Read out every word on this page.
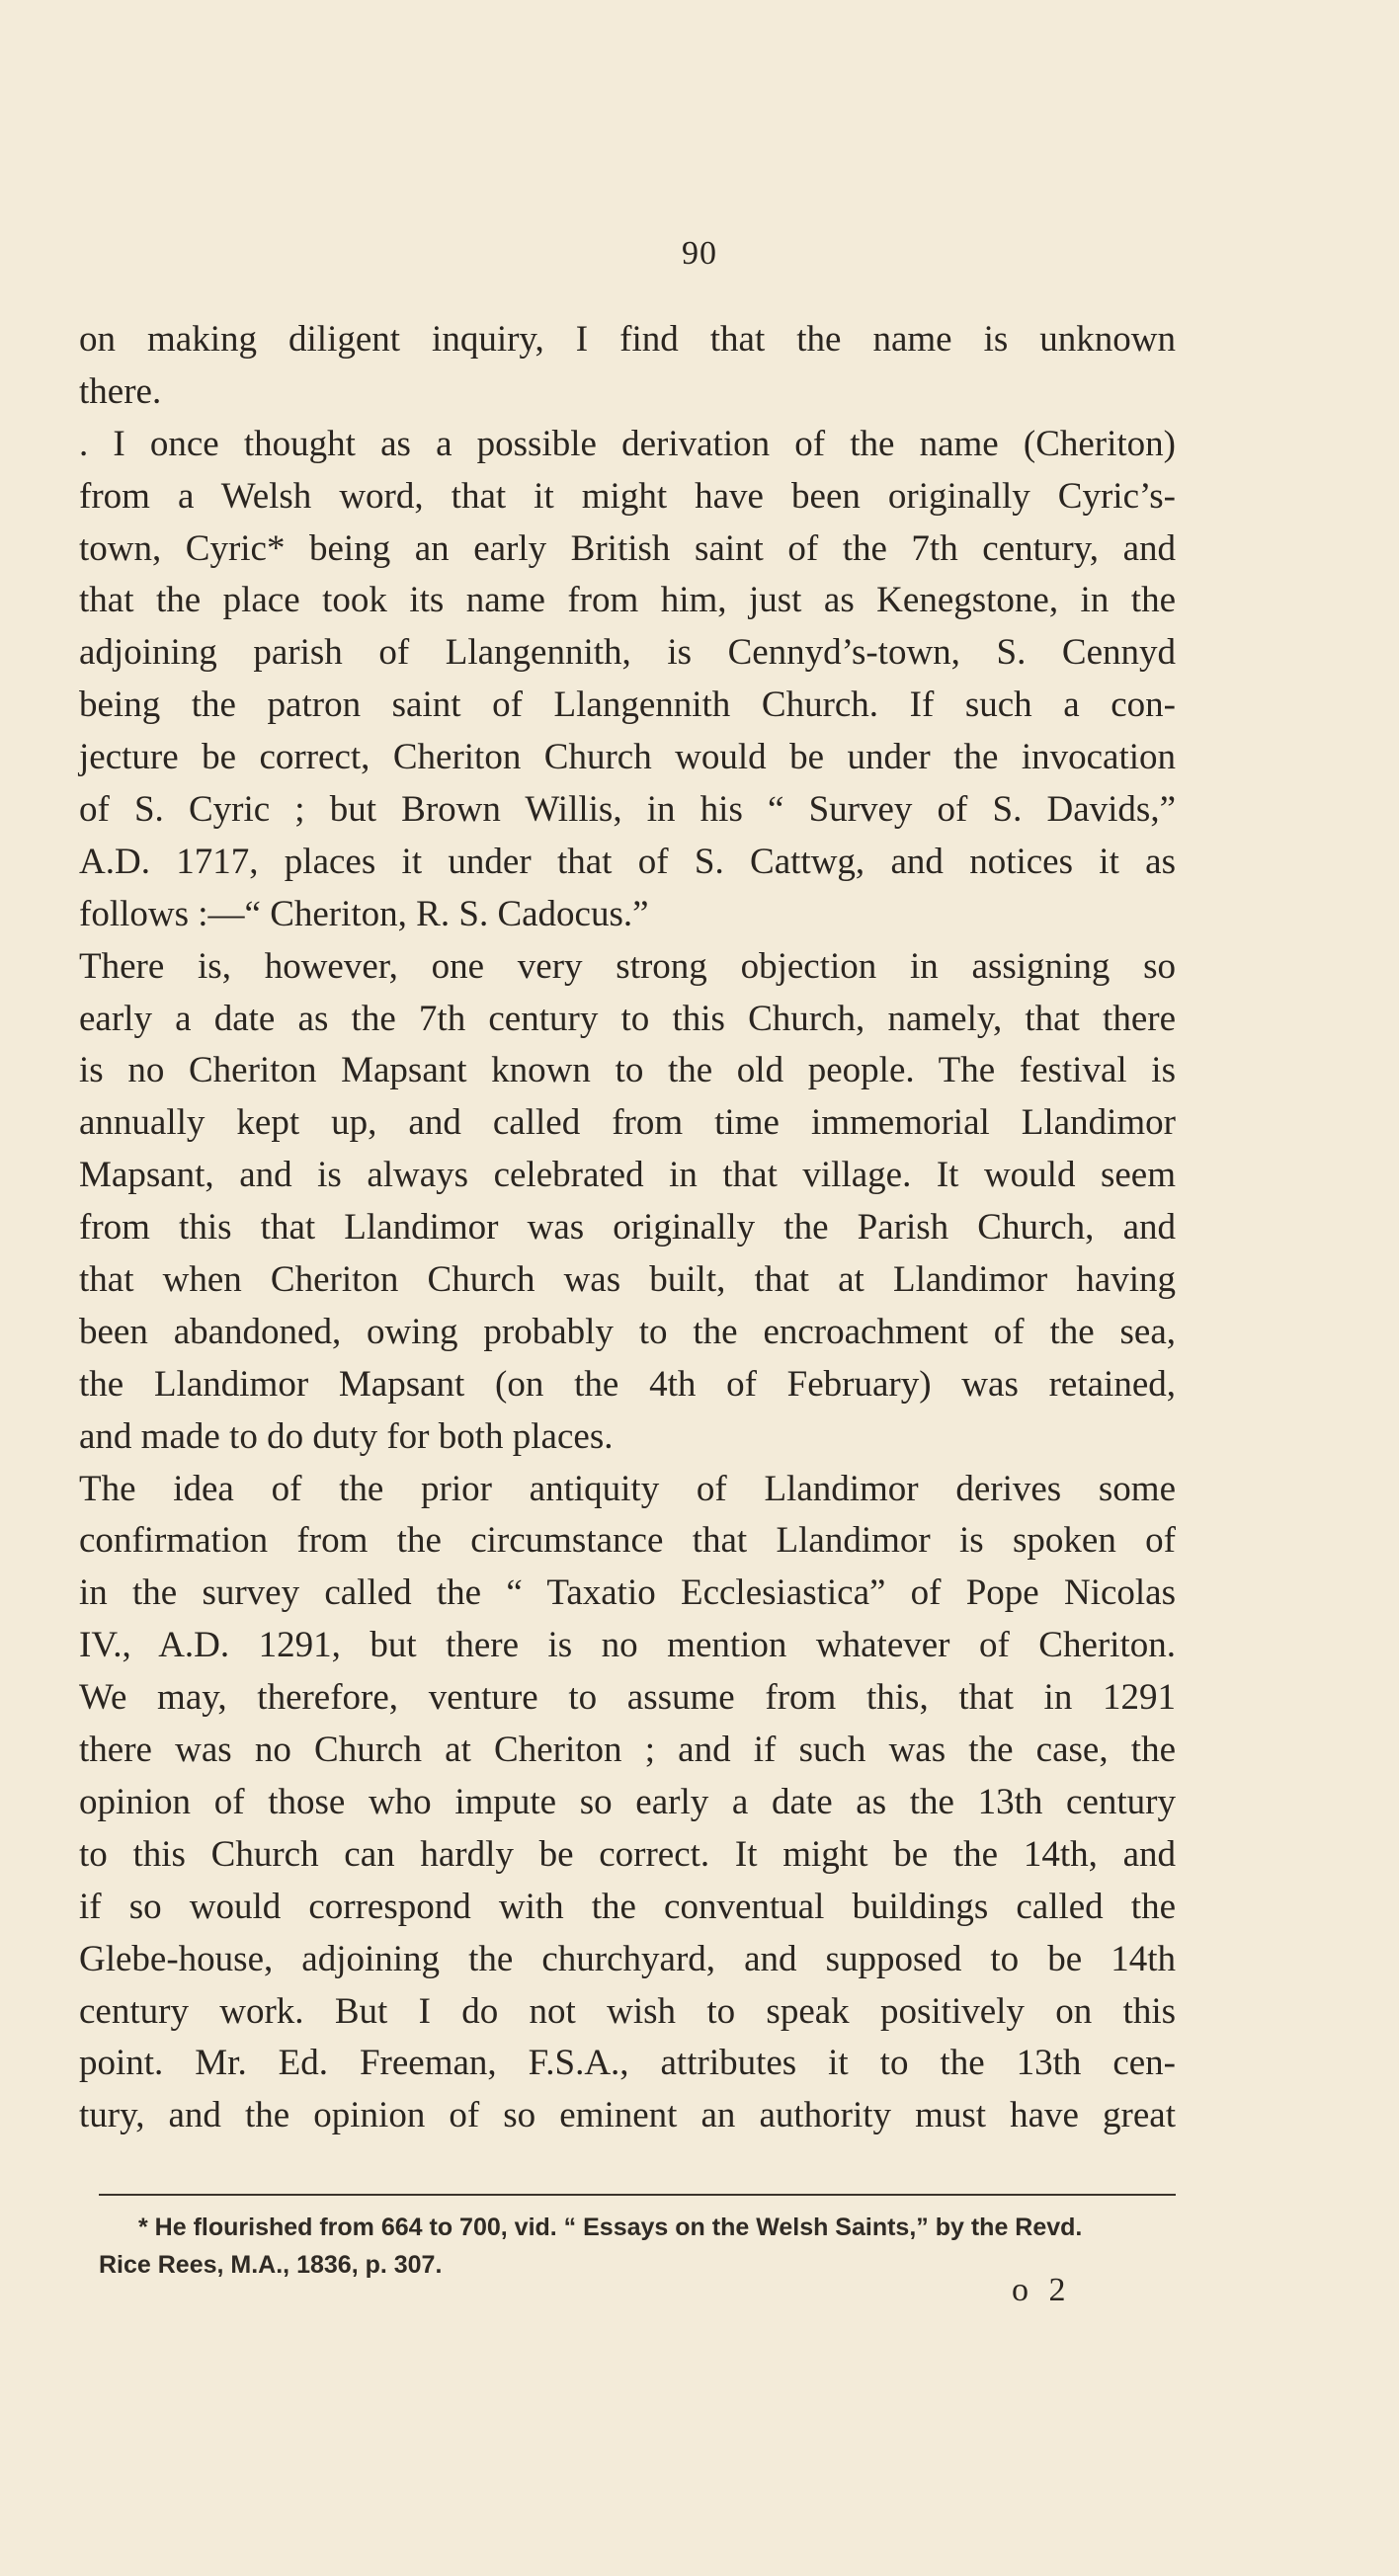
90
on making diligent inquiry, I find that the name is unknown
there.
. I once thought as a possible derivation of the name (Cheriton)
from a Welsh word, that it might have been originally Cyric’s-
town, Cyric* being an early British saint of the 7th century, and
that the place took its name from him, just as Kenegstone, in the
adjoining parish of Llangennith, is Cennyd’s-town, S. Cennyd
being the patron saint of Llangennith Church. If such a con-
jecture be correct, Cheriton Church would be under the invocation
of S. Cyric ; but Brown Willis, in his “ Survey of S. Davids,”
A.D. 1717, places it under that of S. Cattwg, and notices it as
follows :—“ Cheriton, R. S. Cadocus.”
There is, however, one very strong objection in assigning so
early a date as the 7th century to this Church, namely, that there
is no Cheriton Mapsant known to the old people. The festival is
annually kept up, and called from time immemorial Llandimor
Mapsant, and is always celebrated in that village. It would seem
from this that Llandimor was originally the Parish Church, and
that when Cheriton Church was built, that at Llandimor having
been abandoned, owing probably to the encroachment of the sea,
the Llandimor Mapsant (on the 4th of February) was retained,
and made to do duty for both places.
The idea of the prior antiquity of Llandimor derives some
confirmation from the circumstance that Llandimor is spoken of
in the survey called the “ Taxatio Ecclesiastica” of Pope Nicolas
IV., A.D. 1291, but there is no mention whatever of Cheriton.
We may, therefore, venture to assume from this, that in 1291
there was no Church at Cheriton ; and if such was the case, the
opinion of those who impute so early a date as the 13th century
to this Church can hardly be correct. It might be the 14th, and
if so would correspond with the conventual buildings called the
Glebe-house, adjoining the churchyard, and supposed to be 14th
century work. But I do not wish to speak positively on this
point. Mr. Ed. Freeman, F.S.A., attributes it to the 13th cen-
tury, and the opinion of so eminent an authority must have great
* He flourished from 664 to 700, vid. “ Essays on the Welsh Saints,” by the Revd.
Rice Rees, M.A., 1836, p. 307.
o 2
